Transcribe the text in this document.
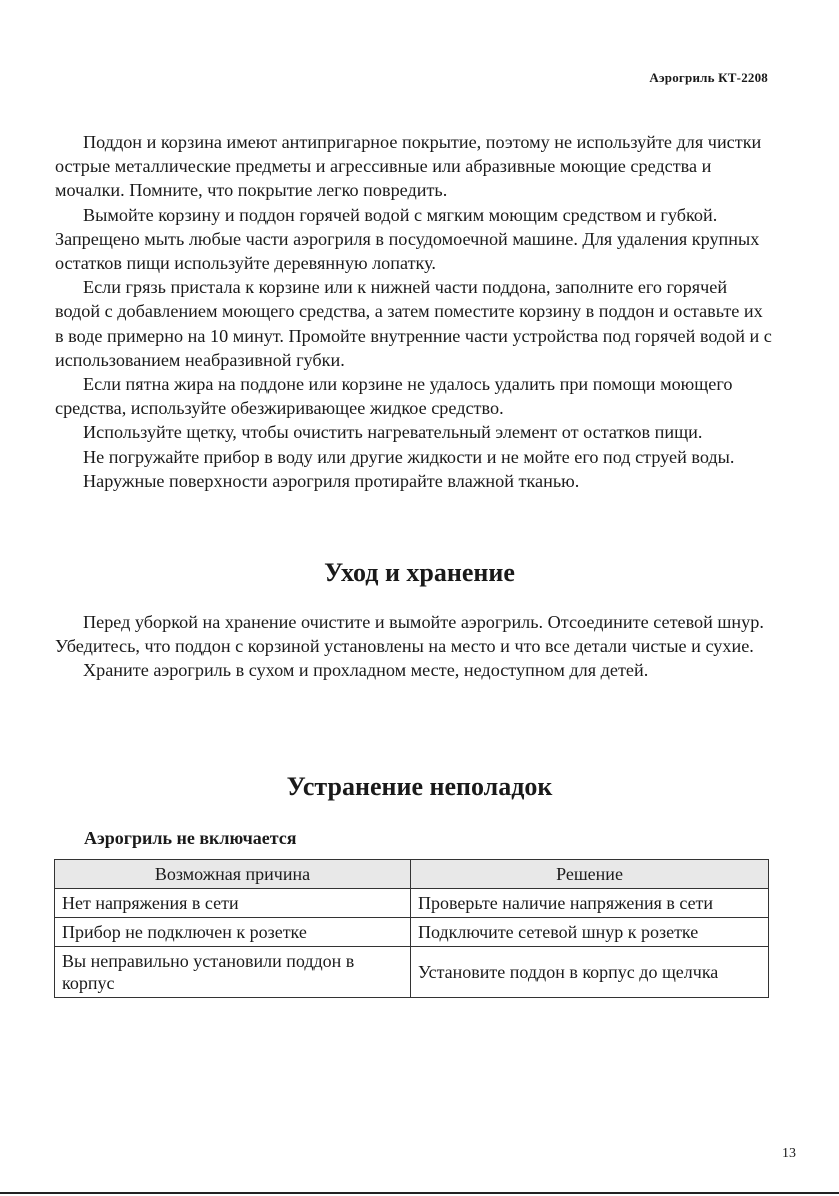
Аэрогриль КТ-2208

Поддон и корзина имеют антипригарное покрытие, поэтому не используйте для чистки острые металлические предметы и агрессивные или абразивные моющие средства и мочалки. Помните, что покрытие легко повредить.

Вымойте корзину и поддон горячей водой с мягким моющим средством и губкой. Запрещено мыть любые части аэрогриля в посудомоечной машине. Для удаления крупных остатков пищи используйте деревянную лопатку.

Если грязь пристала к корзине или к нижней части поддона, заполните его горячей водой с добавлением моющего средства, а затем поместите корзину в поддон и оставьте их в воде примерно на 10 минут. Промойте внутренние части устройства под горячей водой и с использованием неабразивной губки.

Если пятна жира на поддоне или корзине не удалось удалить при помощи моющего средства, используйте обезжиривающее жидкое средство.

Используйте щетку, чтобы очистить нагревательный элемент от остатков пищи.

Не погружайте прибор в воду или другие жидкости и не мойте его под струей воды.

Наружные поверхности аэрогриля протирайте влажной тканью.

Уход и хранение

Перед уборкой на хранение очистите и вымойте аэрогриль. Отсоедините сетевой шнур. Убедитесь, что поддон с корзиной установлены на место и что все детали чистые и сухие.

Храните аэрогриль в сухом и прохладном месте, недоступном для детей.

Устранение неполадок
Аэрогриль не включается
Возможная причина	Решение
Нет напряжения в сети	Проверьте наличие напряжения в сети
Прибор не подключен к розетке	Подключите сетевой шнур к розетке
Вы неправильно установили поддон в корпус	Установите поддон в корпус до щелчка
13
